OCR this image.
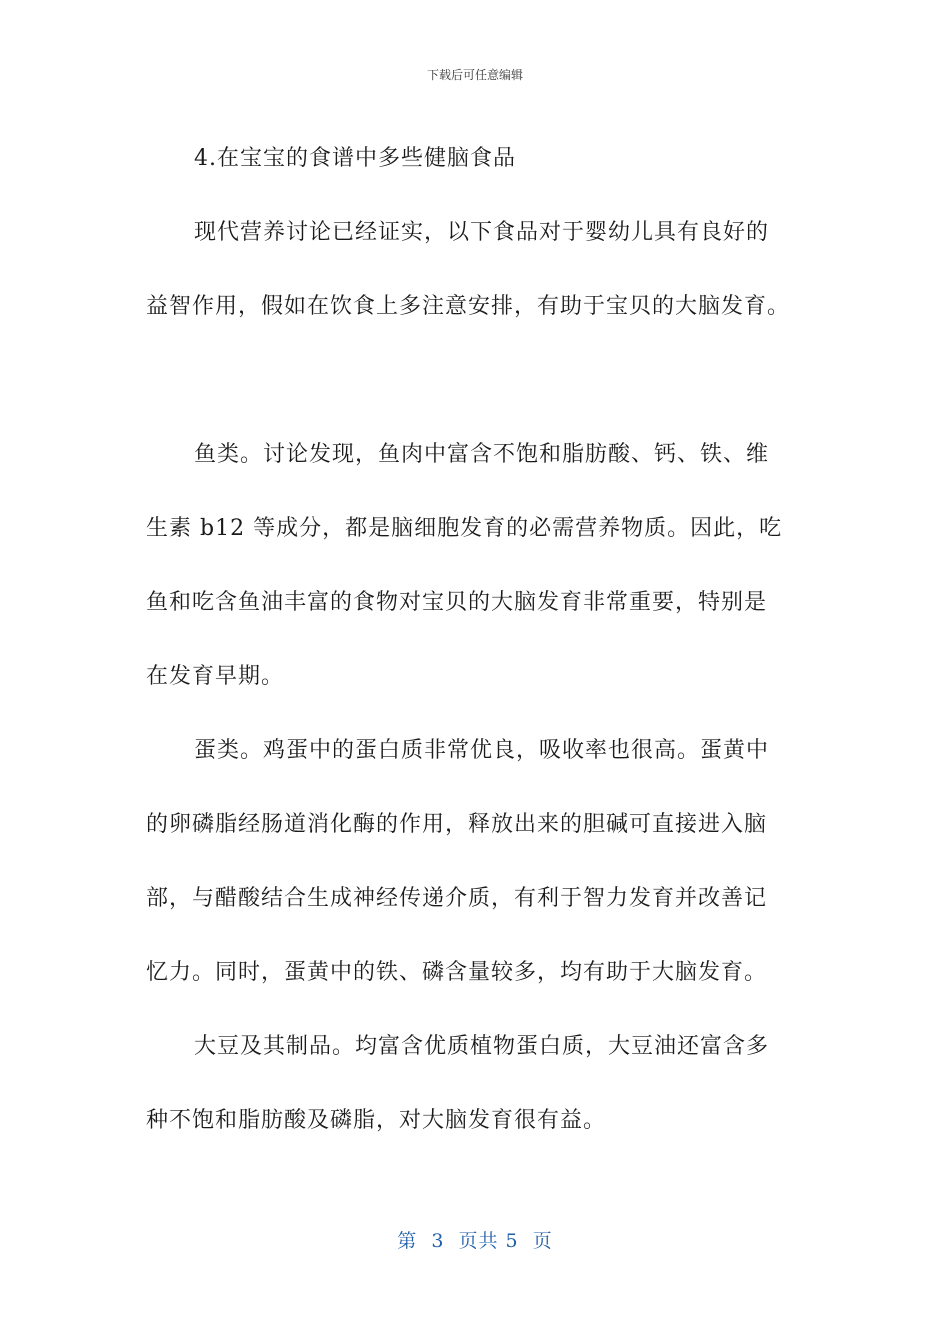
下载后可任意编辑
4.在宝宝的食谱中多些健脑食品
现代营养讨论已经证实，以下食品对于婴幼儿具有良好的
益智作用，假如在饮食上多注意安排，有助于宝贝的大脑发育。
鱼类。讨论发现，鱼肉中富含不饱和脂肪酸、钙、铁、维
生素 b12 等成分，都是脑细胞发育的必需营养物质。因此，吃
鱼和吃含鱼油丰富的食物对宝贝的大脑发育非常重要，特别是
在发育早期。
蛋类。鸡蛋中的蛋白质非常优良，吸收率也很高。蛋黄中
的卵磷脂经肠道消化酶的作用，释放出来的胆碱可直接进入脑
部，与醋酸结合生成神经传递介质，有利于智力发育并改善记
忆力。同时，蛋黄中的铁、磷含量较多，均有助于大脑发育。
大豆及其制品。均富含优质植物蛋白质，大豆油还富含多
种不饱和脂肪酸及磷脂，对大脑发育很有益。
第  3  页共 5  页
